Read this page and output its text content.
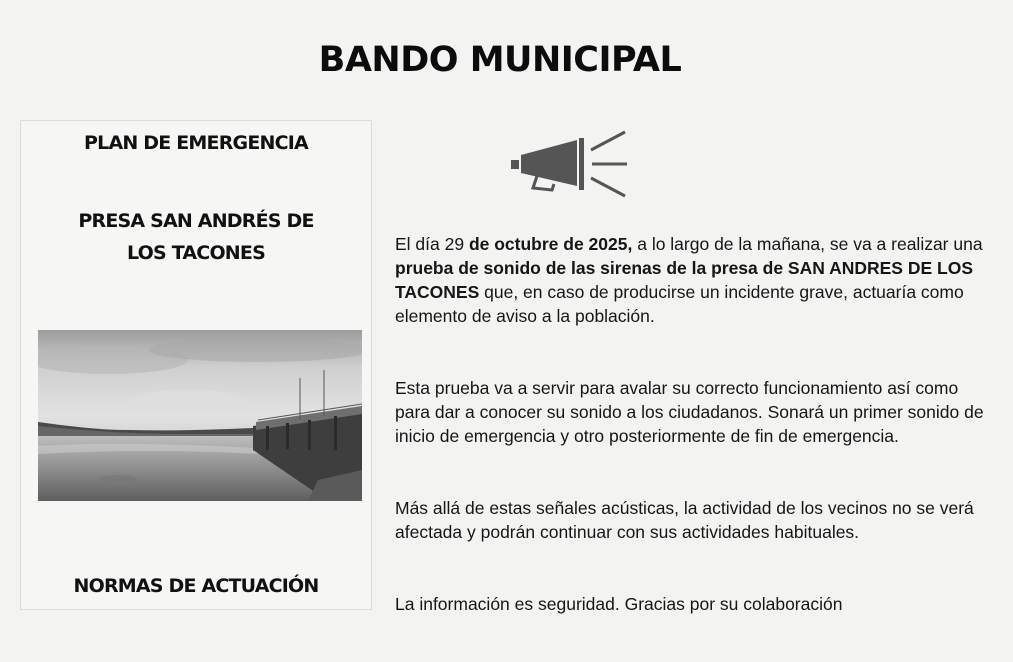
BANDO MUNICIPAL
PLAN DE EMERGENCIA
PRESA SAN ANDRÉS DE
LOS TACONES
NORMAS DE ACTUACIÓN
El día 29 de octubre de 2025, a lo largo de la mañana, se va a realizar una prueba de sonido de las sirenas de la presa de SAN ANDRES DE LOS TACONES que, en caso de producirse un incidente grave, actuaría como elemento de aviso a la población.
Esta prueba va a servir para avalar su correcto funcionamiento así como para dar a conocer su sonido a los ciudadanos. Sonará un primer sonido de inicio de emergencia y otro posteriormente de fin de emergencia.
Más allá de estas señales acústicas, la actividad de los vecinos no se verá afectada y podrán continuar con sus actividades habituales.
La información es seguridad. Gracias por su colaboración
